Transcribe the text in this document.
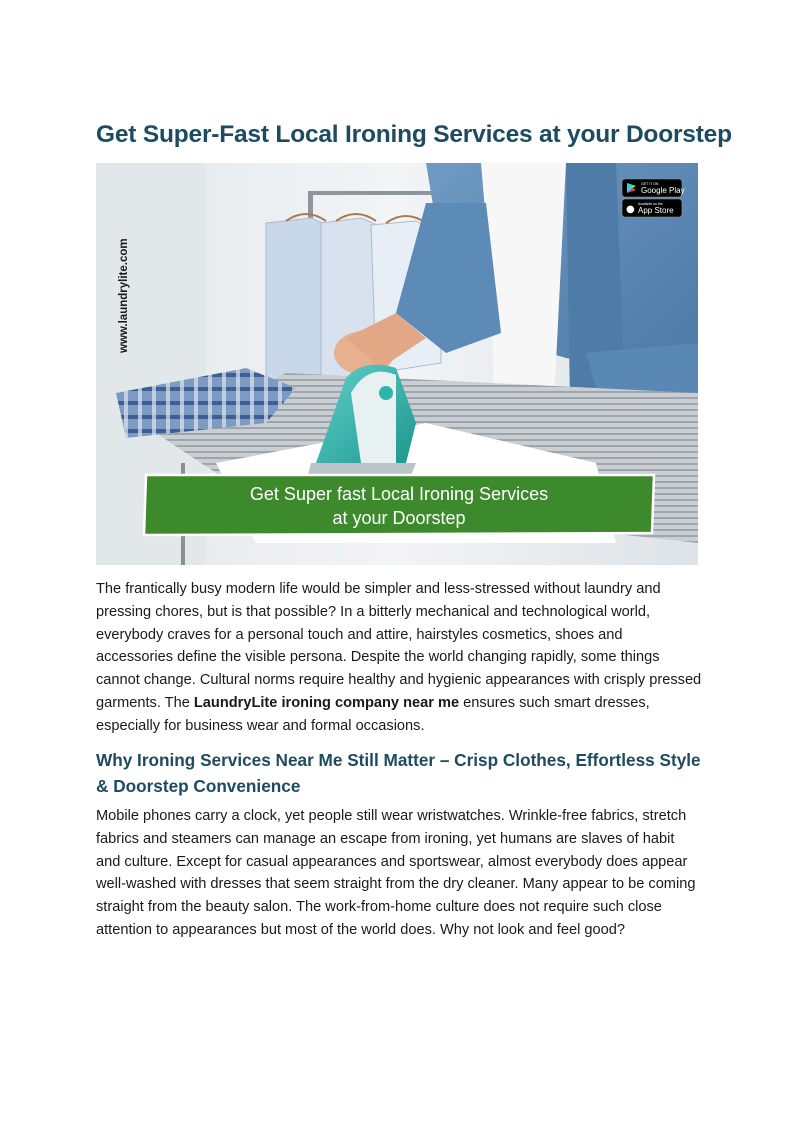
Get Super-Fast Local Ironing Services at your Doorstep
www.laundrylite.com
GET IT ON
Google Play
● Available on the
App Store
Get Super fast Local Ironing Services
at your Doorstep

The frantically busy modern life would be simpler and less-stressed without laundry and pressing chores, but is that possible? In a bitterly mechanical and technological world, everybody craves for a personal touch and attire, hairstyles cosmetics, shoes and accessories define the visible persona. Despite the world changing rapidly, some things cannot change. Cultural norms require healthy and hygienic appearances with crisply pressed garments. The LaundryLite ironing company near me ensures such smart dresses, especially for business wear and formal occasions.

Why Ironing Services Near Me Still Matter – Crisp Clothes, Effortless Style & Doorstep Convenience

Mobile phones carry a clock, yet people still wear wristwatches. Wrinkle-free fabrics, stretch fabrics and steamers can manage an escape from ironing, yet humans are slaves of habit and culture. Except for casual appearances and sportswear, almost everybody does appear well-washed with dresses that seem straight from the dry cleaner. Many appear to be coming straight from the beauty salon. The work-from-home culture does not require such close attention to appearances but most of the world does. Why not look and feel good?
